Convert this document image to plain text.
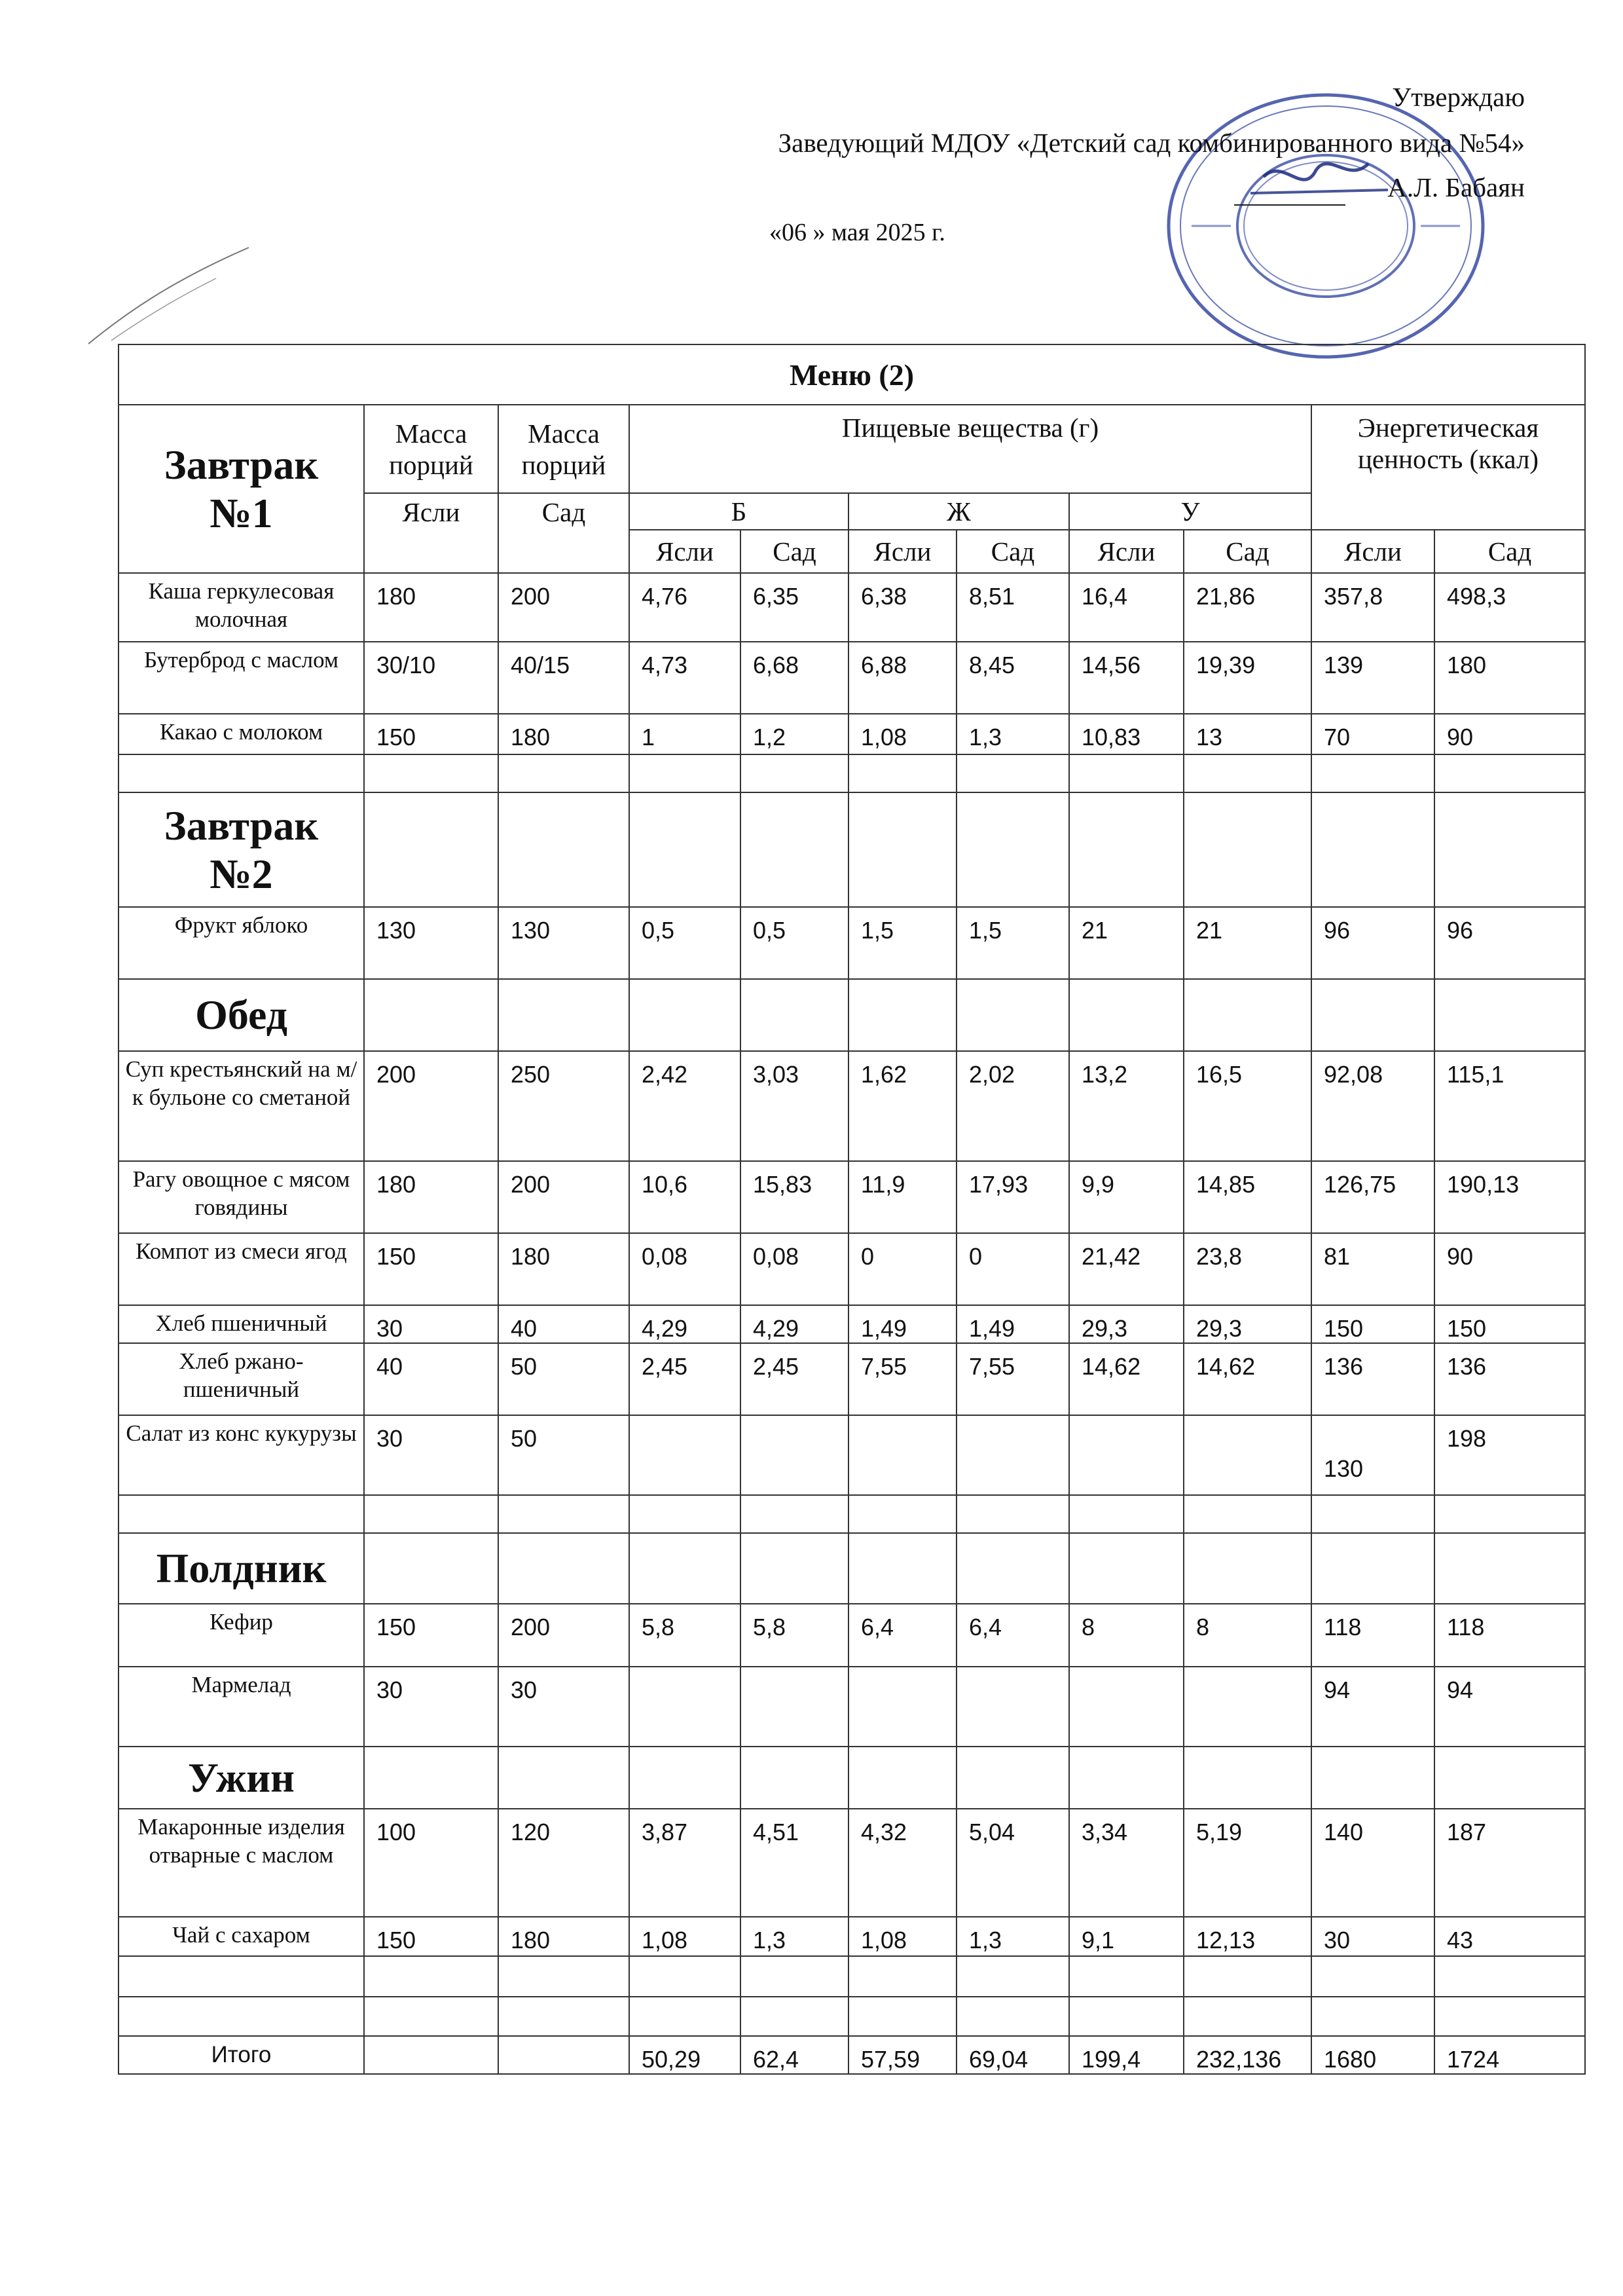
Утверждаю
Заведующий МДОУ «Детский сад комбинированного вида №54»
А.Л. Бабаян
«06 » мая 2025 г.
Меню (2)										
Завтрак
№1	Масса порций	Масса порций	Пищевые вещества (г)						Энергетическая ценность (ккал)	
	Ясли	Сад	Б		Ж		У			
			Ясли	Сад	Ясли	Сад	Ясли	Сад	Ясли	Сад
Каша геркулесовая молочная	180	200	4,76	6,35	6,38	8,51	16,4	21,86	357,8	498,3
Бутерброд с маслом	30/10	40/15	4,73	6,68	6,88	8,45	14,56	19,39	139	180
Какао с молоком	150	180	1	1,2	1,08	1,3	10,83	13	70	90

Завтрак
№2										
Фрукт яблоко	130	130	0,5	0,5	1,5	1,5	21	21	96	96
Обед										
Суп крестьянский на м/к бульоне со сметаной	200	250	2,42	3,03	1,62	2,02	13,2	16,5	92,08	115,1
Рагу овощное с мясом говядины	180	200	10,6	15,83	11,9	17,93	9,9	14,85	126,75	190,13
Компот из смеси ягод	150	180	0,08	0,08	0	0	21,42	23,8	81	90
Хлеб пшеничный	30	40	4,29	4,29	1,49	1,49	29,3	29,3	150	150
Хлеб ржано-пшеничный	40	50	2,45	2,45	7,55	7,55	14,62	14,62	136	136
Салат из конс кукурузы	30	50							130	198

Полдник										
Кефир	150	200	5,8	5,8	6,4	6,4	8	8	118	118
Мармелад	30	30							94	94
Ужин										
Макаронные изделия отварные с маслом	100	120	3,87	4,51	4,32	5,04	3,34	5,19	140	187
Чай с сахаром	150	180	1,08	1,3	1,08	1,3	9,1	12,13	30	43

Итого			50,29	62,4	57,59	69,04	199,4	232,136	1680	1724
